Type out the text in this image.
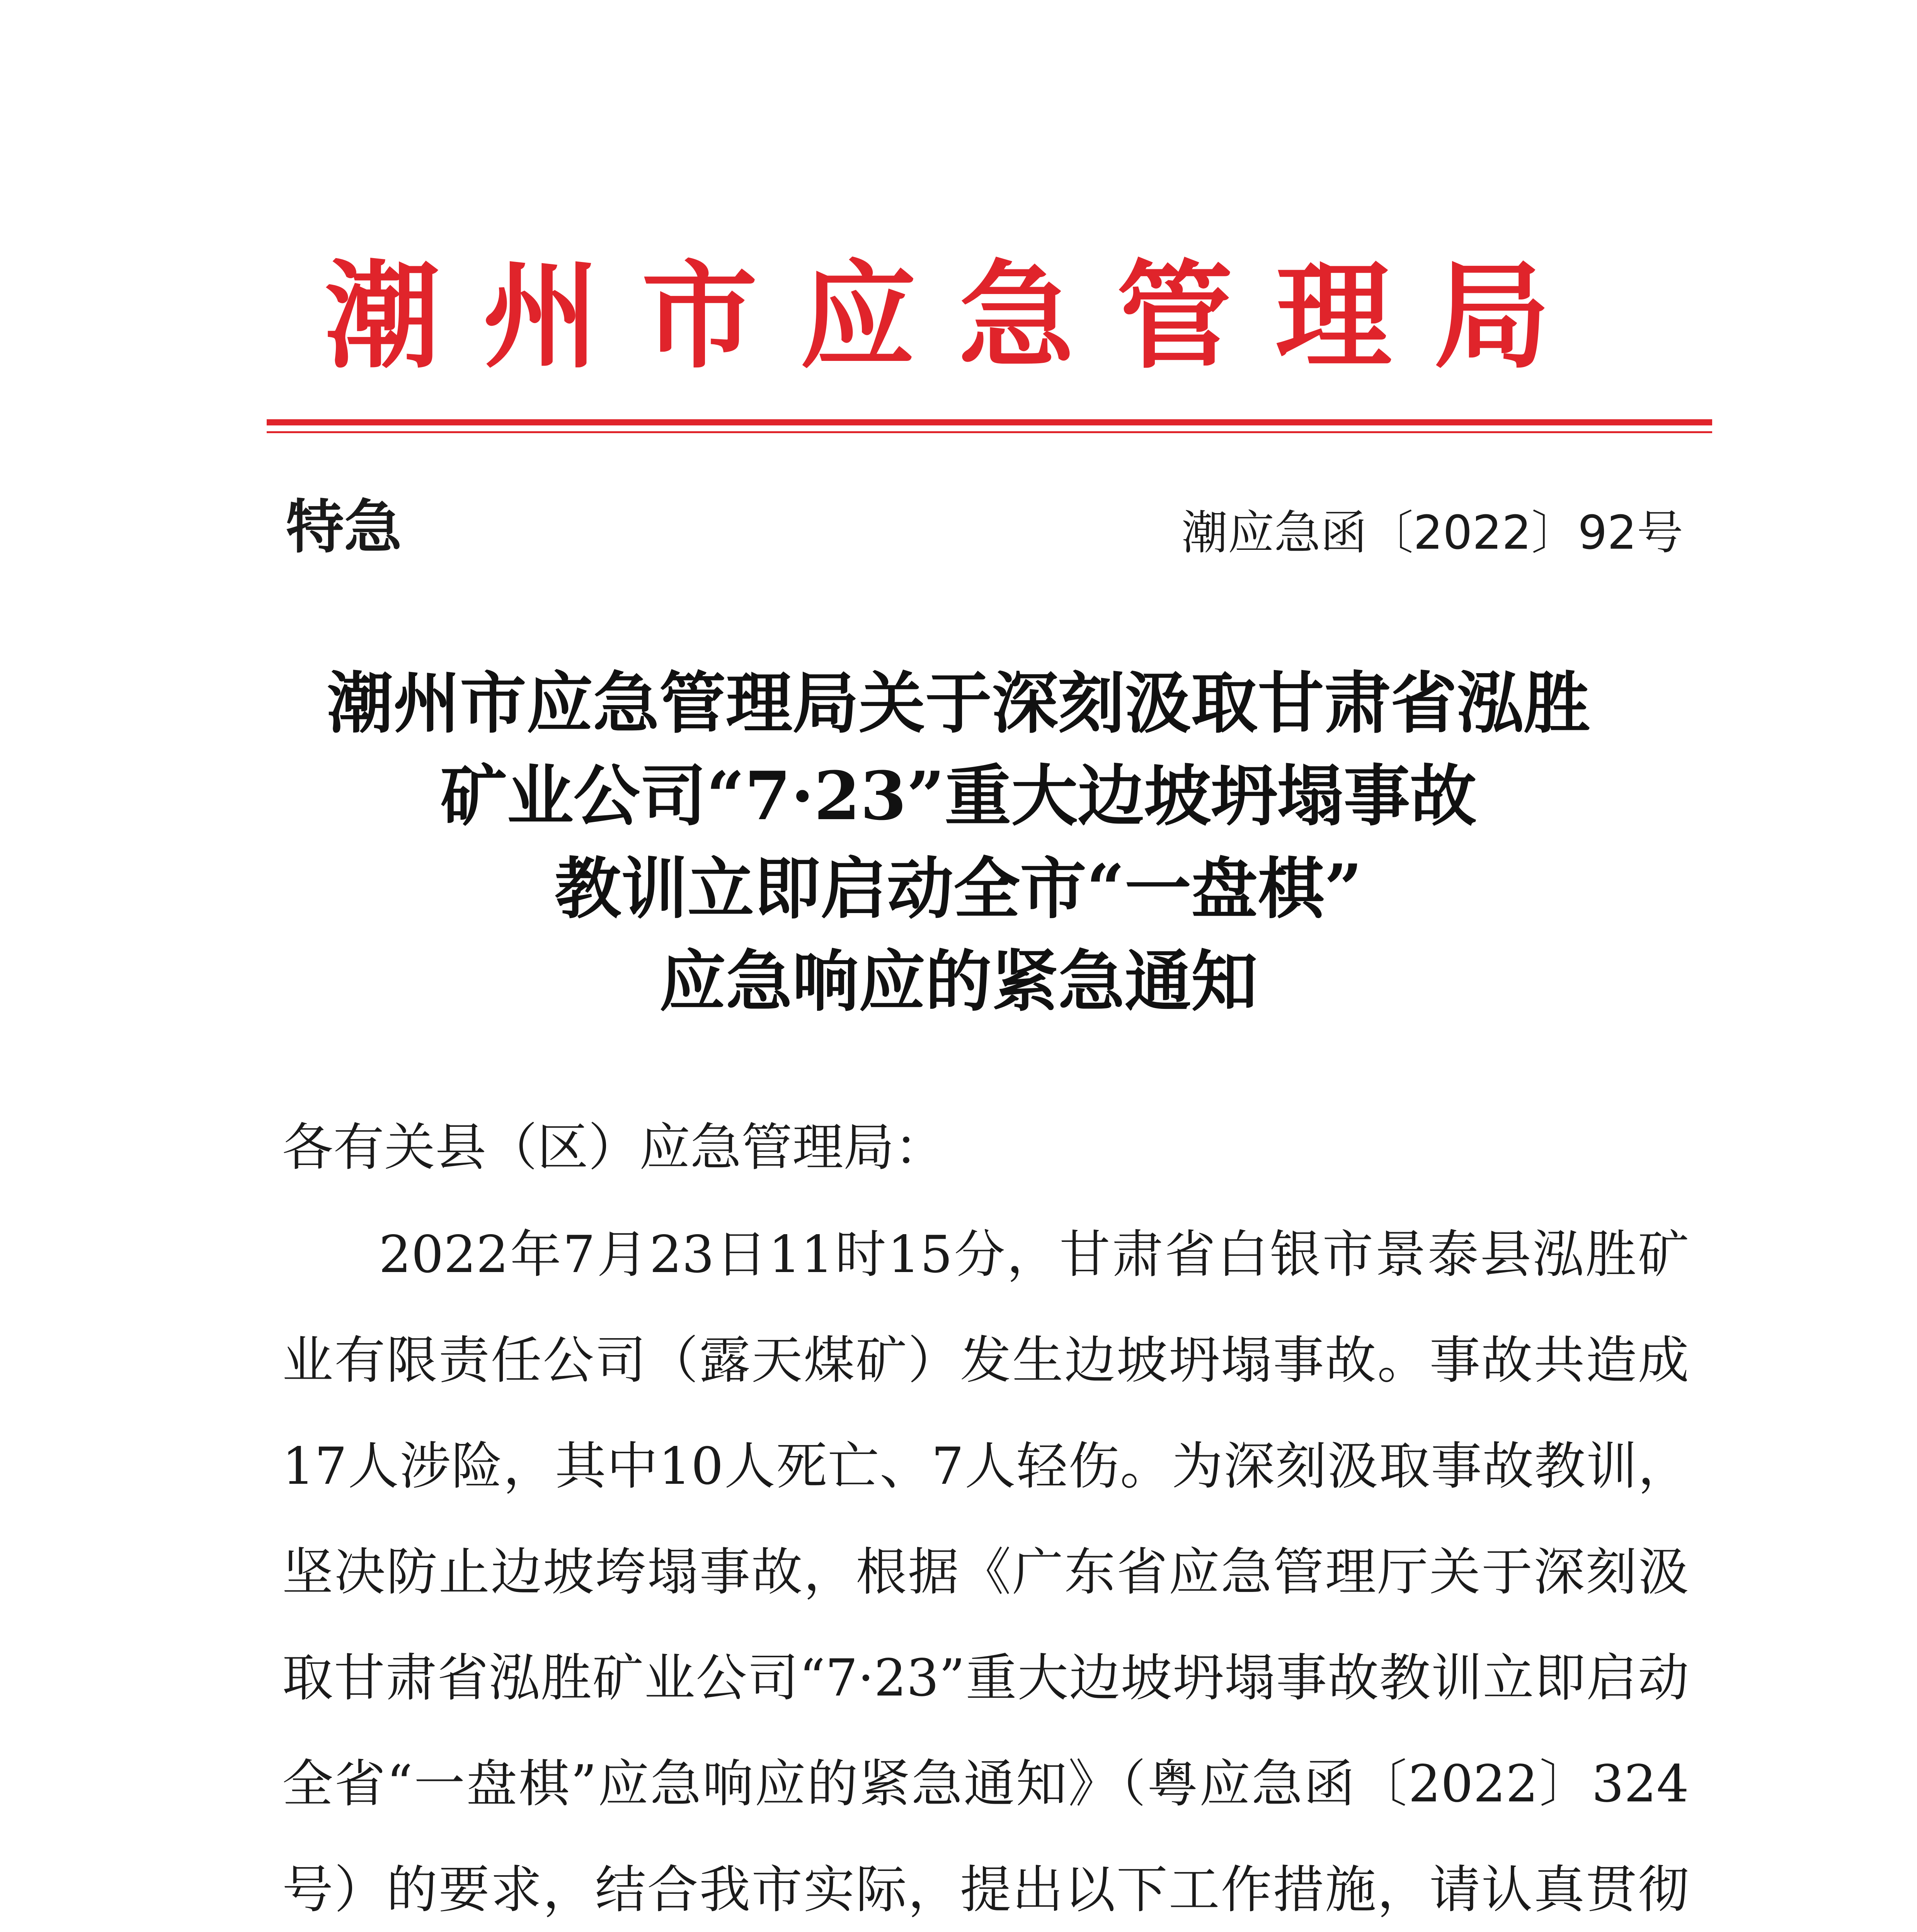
潮州市应急管理局
特急	潮应急函〔2022〕92号
潮州市应急管理局关于深刻汲取甘肃省泓胜
矿业公司“7·23”重大边坡坍塌事故
教训立即启动全市“一盘棋”
应急响应的紧急通知
各有关县（区）应急管理局：
2022年7月23日11时15分，甘肃省白银市景泰县泓胜矿业有限责任公司（露天煤矿）发生边坡坍塌事故。事故共造成17人涉险，其中10人死亡、7人轻伤。为深刻汲取事故教训，坚决防止边坡垮塌事故，根据《广东省应急管理厅关于深刻汲取甘肃省泓胜矿业公司“7·23”重大边坡坍塌事故教训立即启动全省“一盘棋”应急响应的紧急通知》（粤应急函〔2022〕324号）的要求，结合我市实际，提出以下工作措施，请认真贯彻
